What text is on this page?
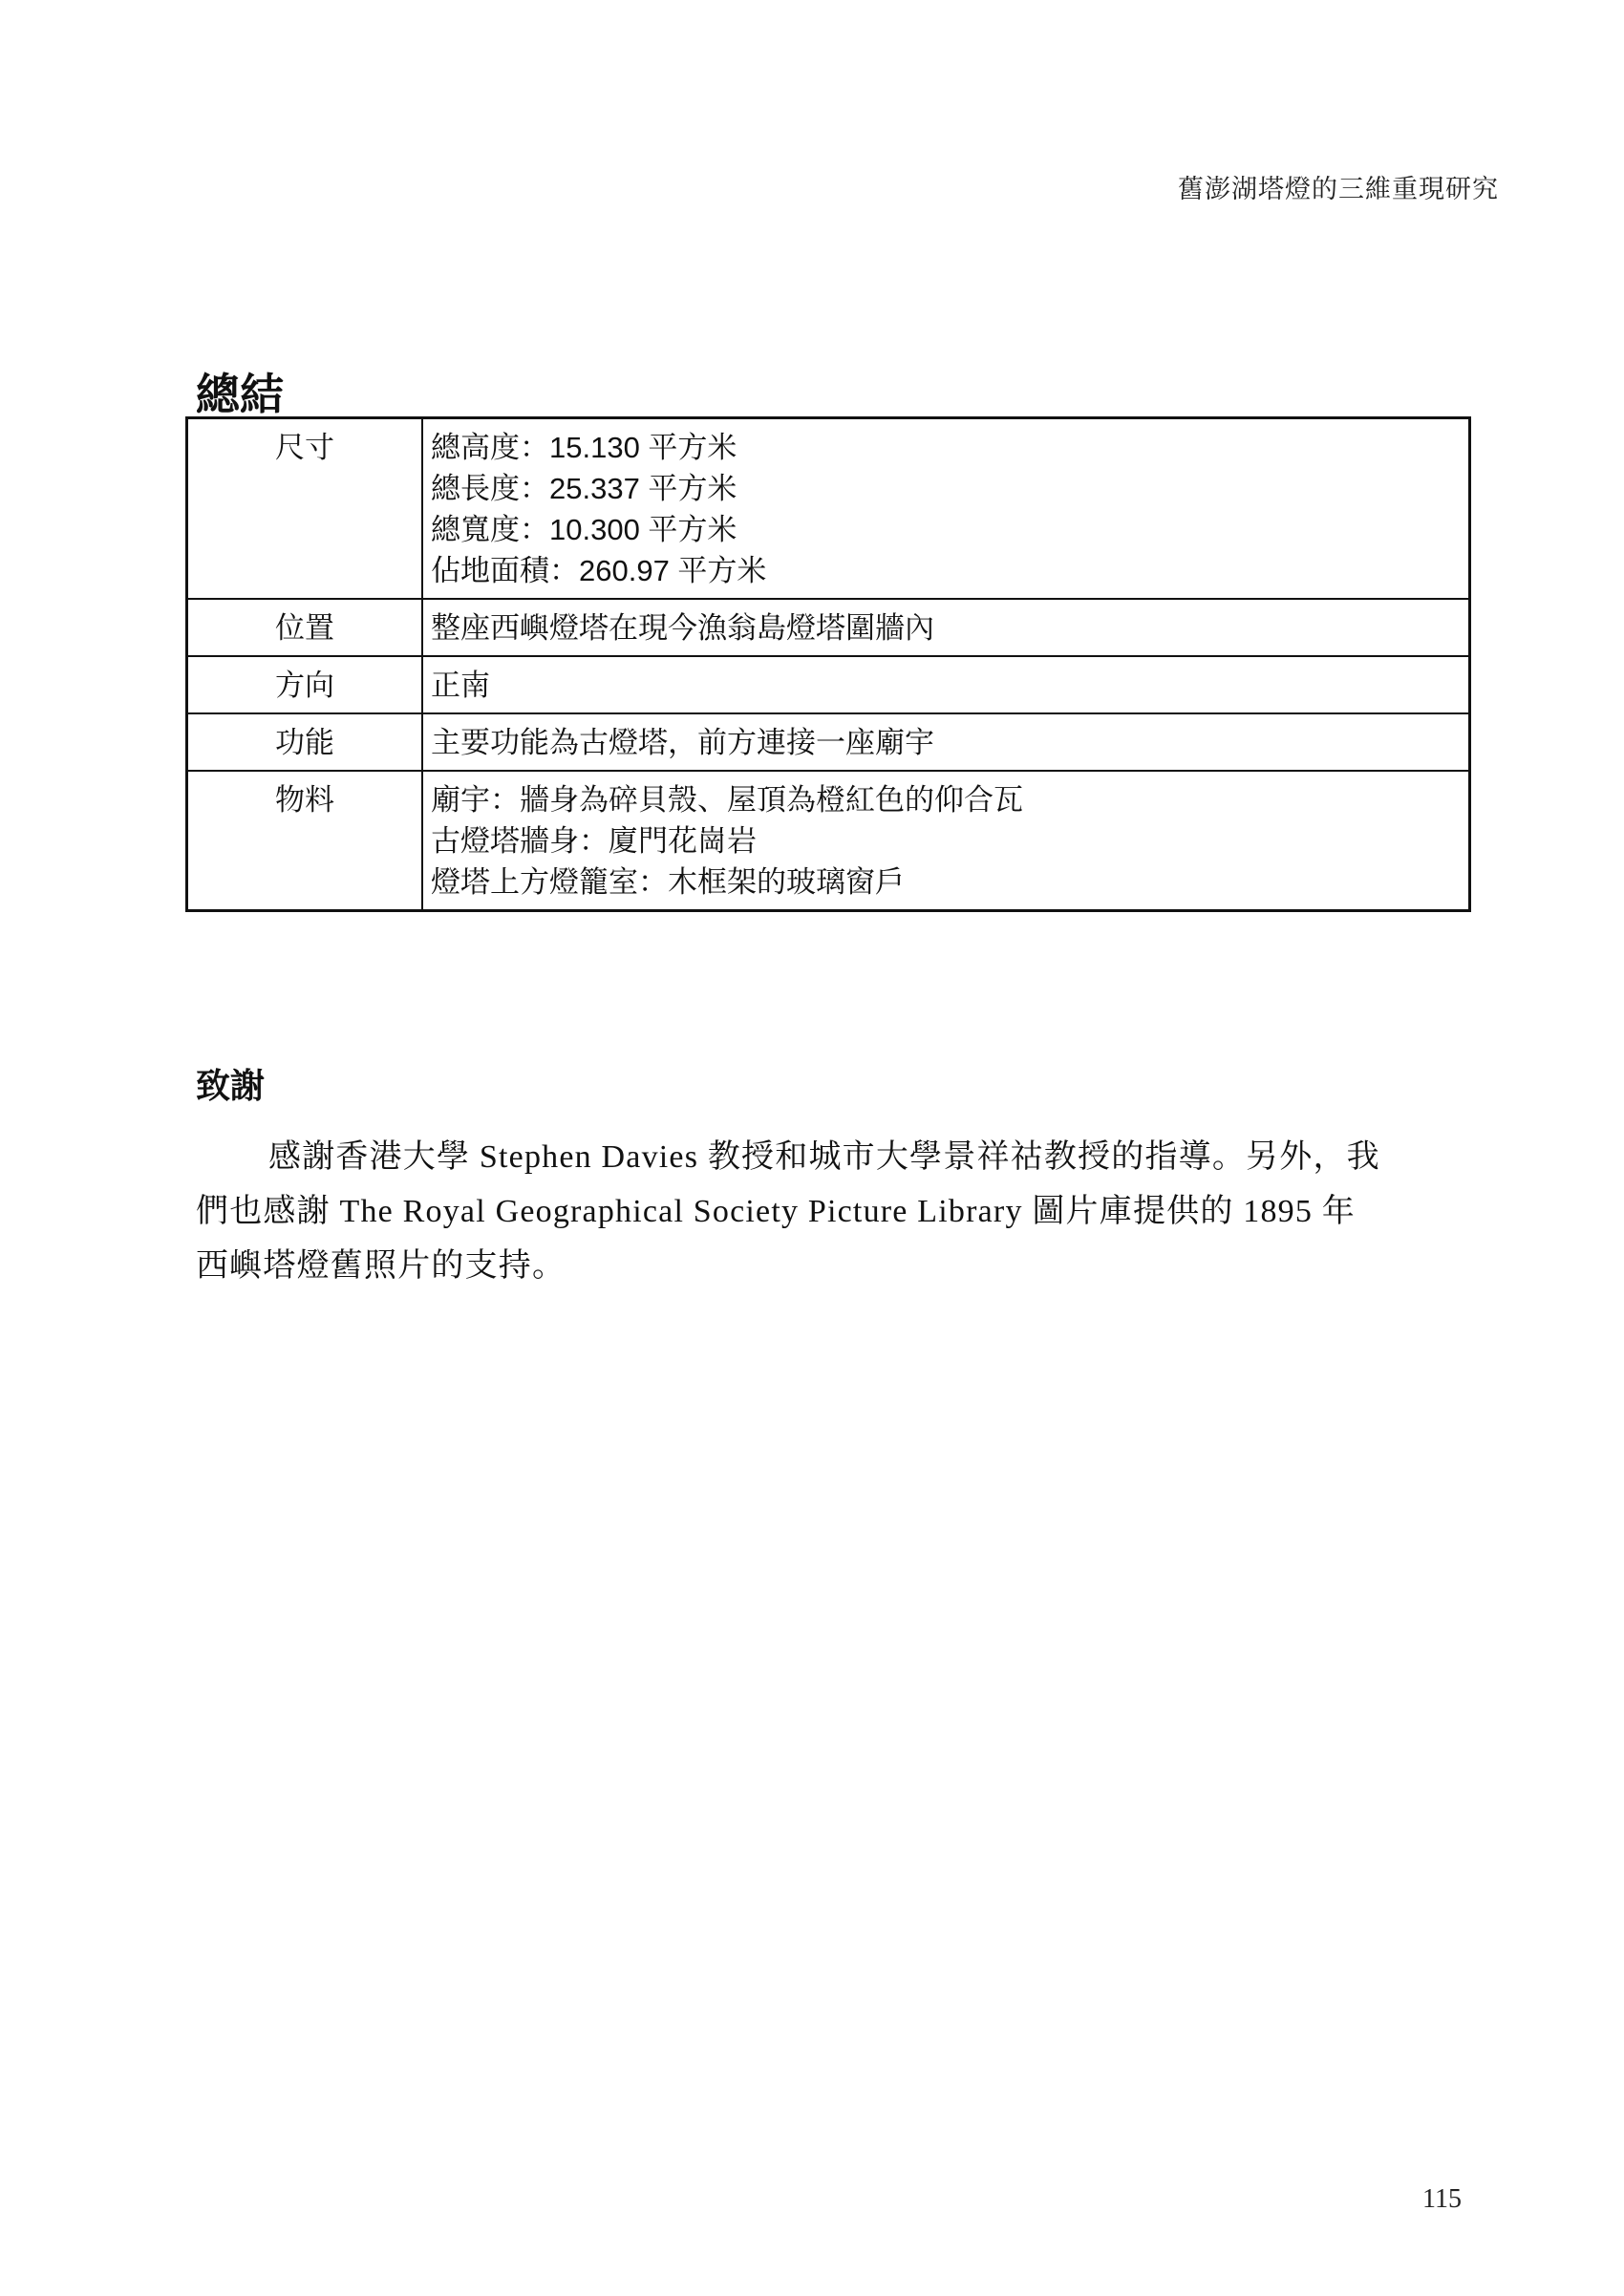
舊澎湖塔燈的三維重現研究
總結
尺寸	總高度：15.130 平方米
總長度：25.337 平方米
總寬度：10.300 平方米
佔地面積：260.97 平方米

位置	整座西嶼燈塔在現今漁翁島燈塔圍牆內

方向	正南

功能	主要功能為古燈塔，前方連接一座廟宇

物料	廟宇：牆身為碎貝殼、屋頂為橙紅色的仰合瓦
古燈塔牆身：廈門花崗岩
燈塔上方燈籠室：木框架的玻璃窗戶
致謝

感謝香港大學 Stephen Davies 教授和城市大學景祥祜教授的指導。另外，我
們也感謝 The Royal Geographical Society Picture Library 圖片庫提供的 1895 年
西嶼塔燈舊照片的支持。

115
